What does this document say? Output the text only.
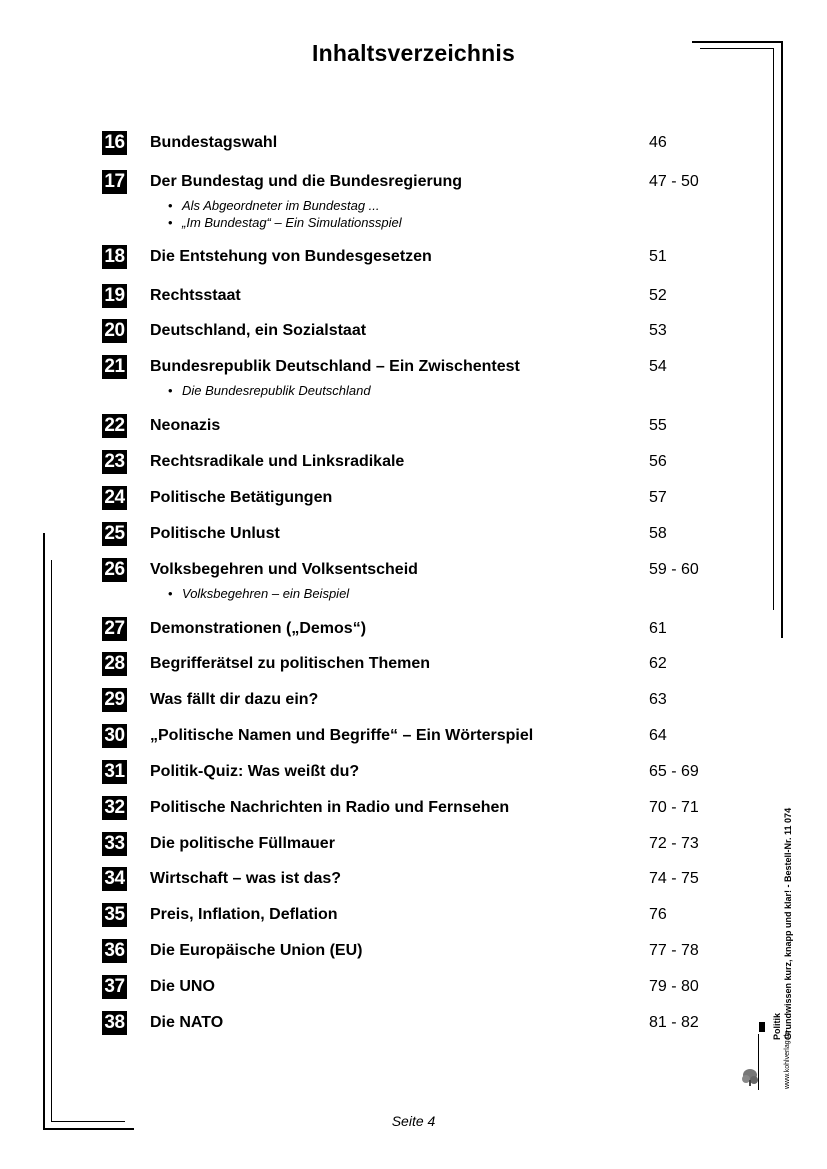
Inhaltsverzeichnis
16 Bundestagswahl	46
17 Der Bundestag und die Bundesregierung	47 - 50
• Als Abgeordneter im Bundestag ...
• „Im Bundestag“ – Ein Simulationsspiel
18 Die Entstehung von Bundesgesetzen	51
19 Rechtsstaat	52
20 Deutschland, ein Sozialstaat	53
21 Bundesrepublik Deutschland – Ein Zwischentest	54
• Die Bundesrepublik Deutschland
22 Neonazis	55
23 Rechtsradikale und Linksradikale	56
24 Politische Betätigungen	57
25 Politische Unlust	58
26 Volksbegehren und Volksentscheid	59 - 60
• Volksbegehren – ein Beispiel
27 Demonstrationen („Demos“)	61
28 Begrifferätsel zu politischen Themen	62
29 Was fällt dir dazu ein?	63
30 „Politische Namen und Begriffe“ – Ein Wörterspiel	64
31 Politik-Quiz: Was weißt du?	65 - 69
32 Politische Nachrichten in Radio und Fernsehen	70 - 71
33 Die politische Füllmauer	72 - 73
34 Wirtschaft – was ist das?	74 - 75
35 Preis, Inflation, Deflation	76
36 Die Europäische Union (EU)	77 - 78
37 Die UNO	79 - 80
38 Die NATO	81 - 82
Seite 4
www.kohlverlag.de
Politik Grundwissen kurz, knapp und klar! - Bestell-Nr. 11 074
